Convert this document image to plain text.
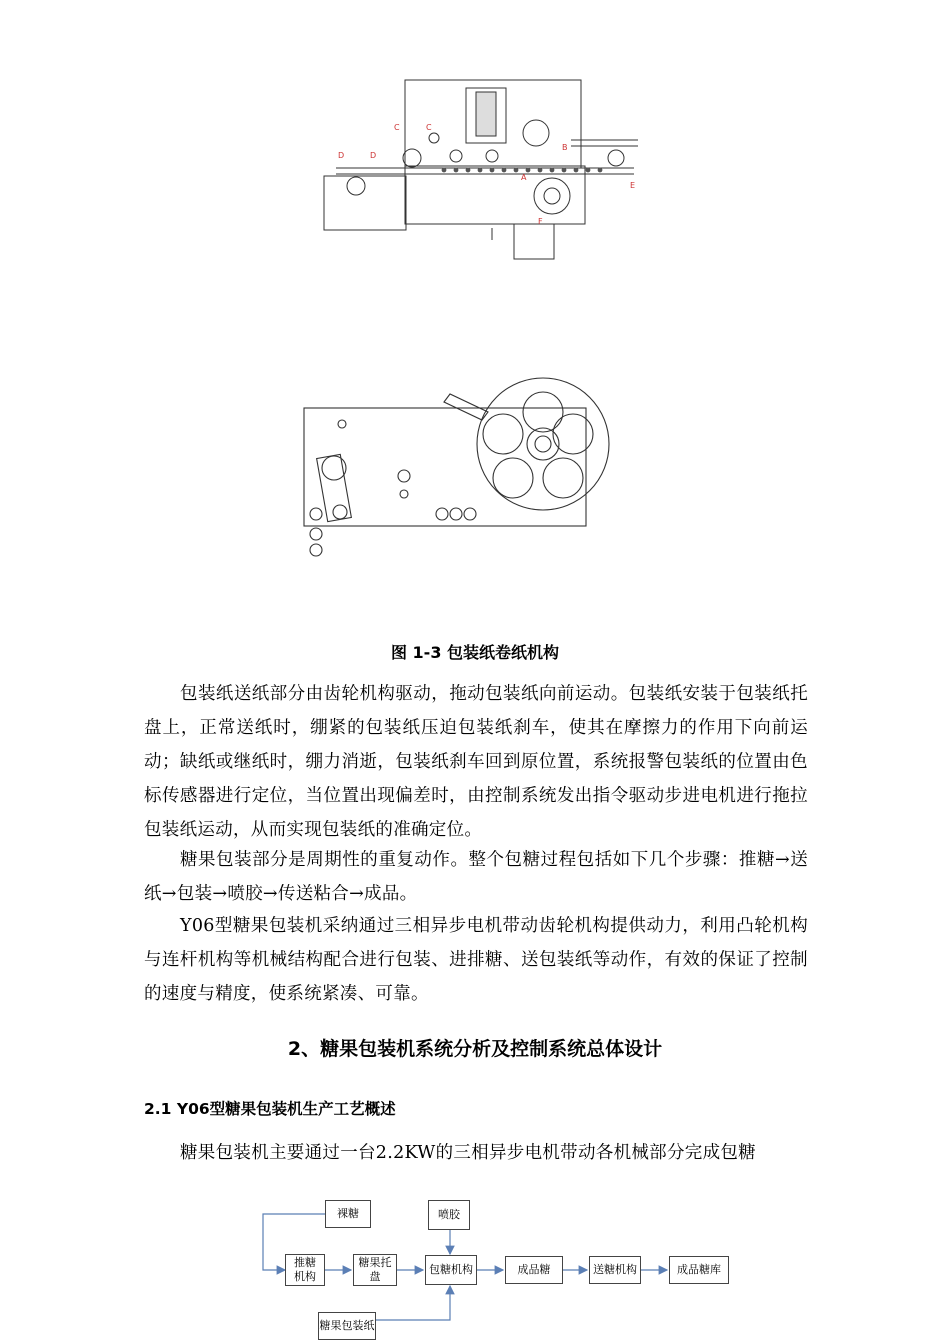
C	C
D	D
B
A
E
F
图 1-3 包装纸卷纸机构
包装纸送纸部分由齿轮机构驱动，拖动包装纸向前运动。包装纸安装于包装纸托盘上，正常送纸时，绷紧的包装纸压迫包装纸刹车，使其在摩擦力的作用下向前运动；缺纸或继纸时，绷力消逝，包装纸刹车回到原位置，系统报警包装纸的位置由色标传感器进行定位，当位置出现偏差时，由控制系统发出指令驱动步进电机进行拖拉包装纸运动，从而实现包装纸的准确定位。
糖果包装部分是周期性的重复动作。整个包糖过程包括如下几个步骤：推糖→送纸→包装→喷胶→传送粘合→成品。
Y06型糖果包装机采纳通过三相异步电机带动齿轮机构提供动力，利用凸轮机构与连杆机构等机械结构配合进行包装、进排糖、送包装纸等动作，有效的保证了控制的速度与精度，使系统紧凑、可靠。
2、糖果包装机系统分析及控制系统总体设计
2.1 Y06型糖果包装机生产工艺概述
糖果包装机主要通过一台2.2KW的三相异步电机带动各机械部分完成包糖
裸糖	喷胶
推糖机构
糖果托盘
包糖机构	成品糖	送糖机构	成品糖库
糖果包装纸
